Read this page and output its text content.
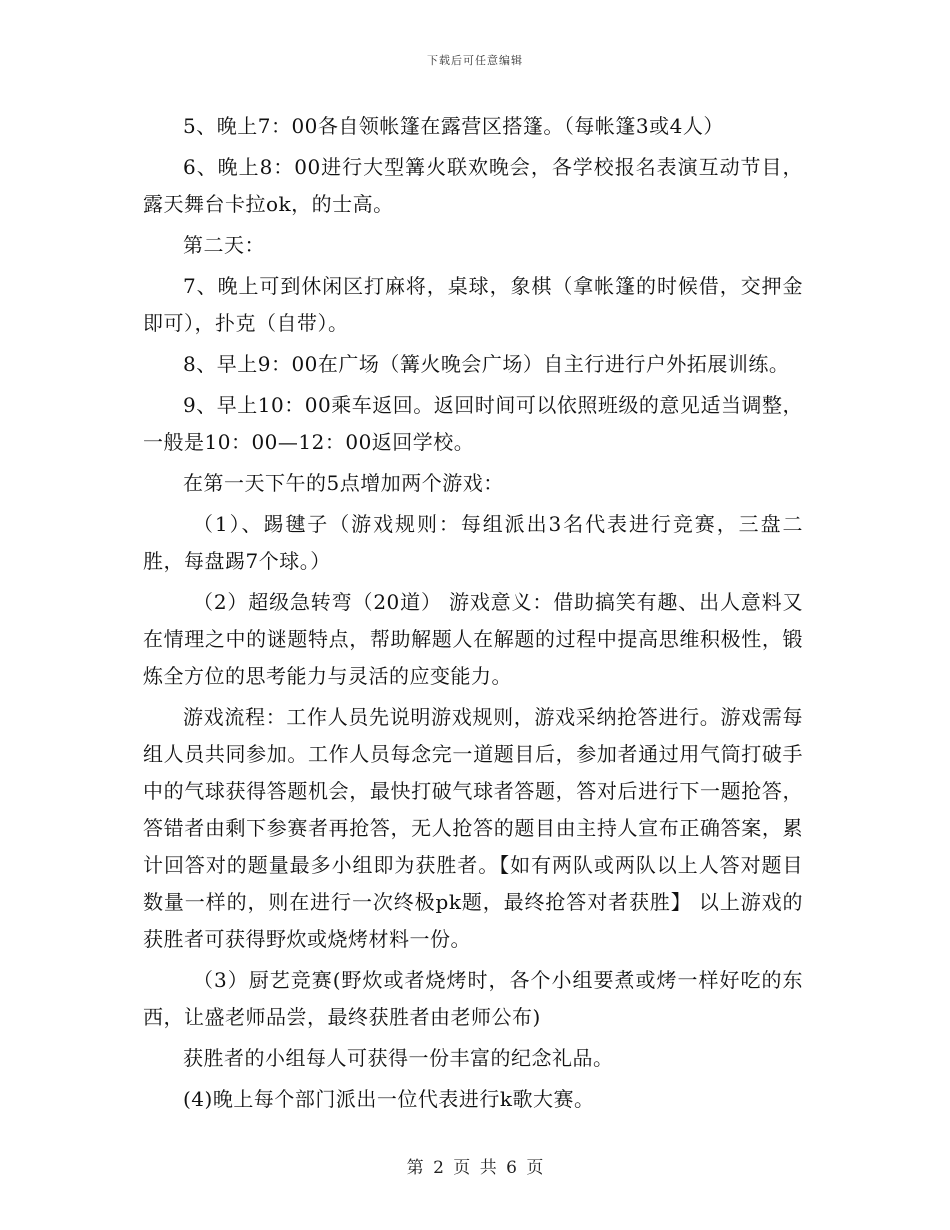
下载后可任意编辑

5、晚上7：00各自领帐篷在露营区搭篷。（每帐篷3或4人）

6、晚上8：00进行大型篝火联欢晚会，各学校报名表演互动节目，露天舞台卡拉ok，的士高。

第二天：

7、晚上可到休闲区打麻将，桌球，象棋（拿帐篷的时候借，交押金即可），扑克（自带）。

8、早上9：00在广场（篝火晚会广场）自主行进行户外拓展训练。

9、早上10：00乘车返回。返回时间可以依照班级的意见适当调整，一般是10：00—12：00返回学校。

在第一天下午的5点增加两个游戏：

（1）、踢毽子（游戏规则：每组派出3名代表进行竞赛，三盘二胜，每盘踢7个球。）

（2）超级急转弯（20道） 游戏意义：借助搞笑有趣、出人意料又在情理之中的谜题特点，帮助解题人在解题的过程中提高思维积极性，锻炼全方位的思考能力与灵活的应变能力。

游戏流程：工作人员先说明游戏规则，游戏采纳抢答进行。游戏需每组人员共同参加。工作人员每念完一道题目后，参加者通过用气筒打破手中的气球获得答题机会，最快打破气球者答题，答对后进行下一题抢答，答错者由剩下参赛者再抢答，无人抢答的题目由主持人宣布正确答案，累计回答对的题量最多小组即为获胜者。【如有两队或两队以上人答对题目数量一样的，则在进行一次终极pk题，最终抢答对者获胜】 以上游戏的获胜者可获得野炊或烧烤材料一份。

（3）厨艺竞赛(野炊或者烧烤时，各个小组要煮或烤一样好吃的东西，让盛老师品尝，最终获胜者由老师公布)

获胜者的小组每人可获得一份丰富的纪念礼品。

(4)晚上每个部门派出一位代表进行k歌大赛。

第 2 页 共 6 页
